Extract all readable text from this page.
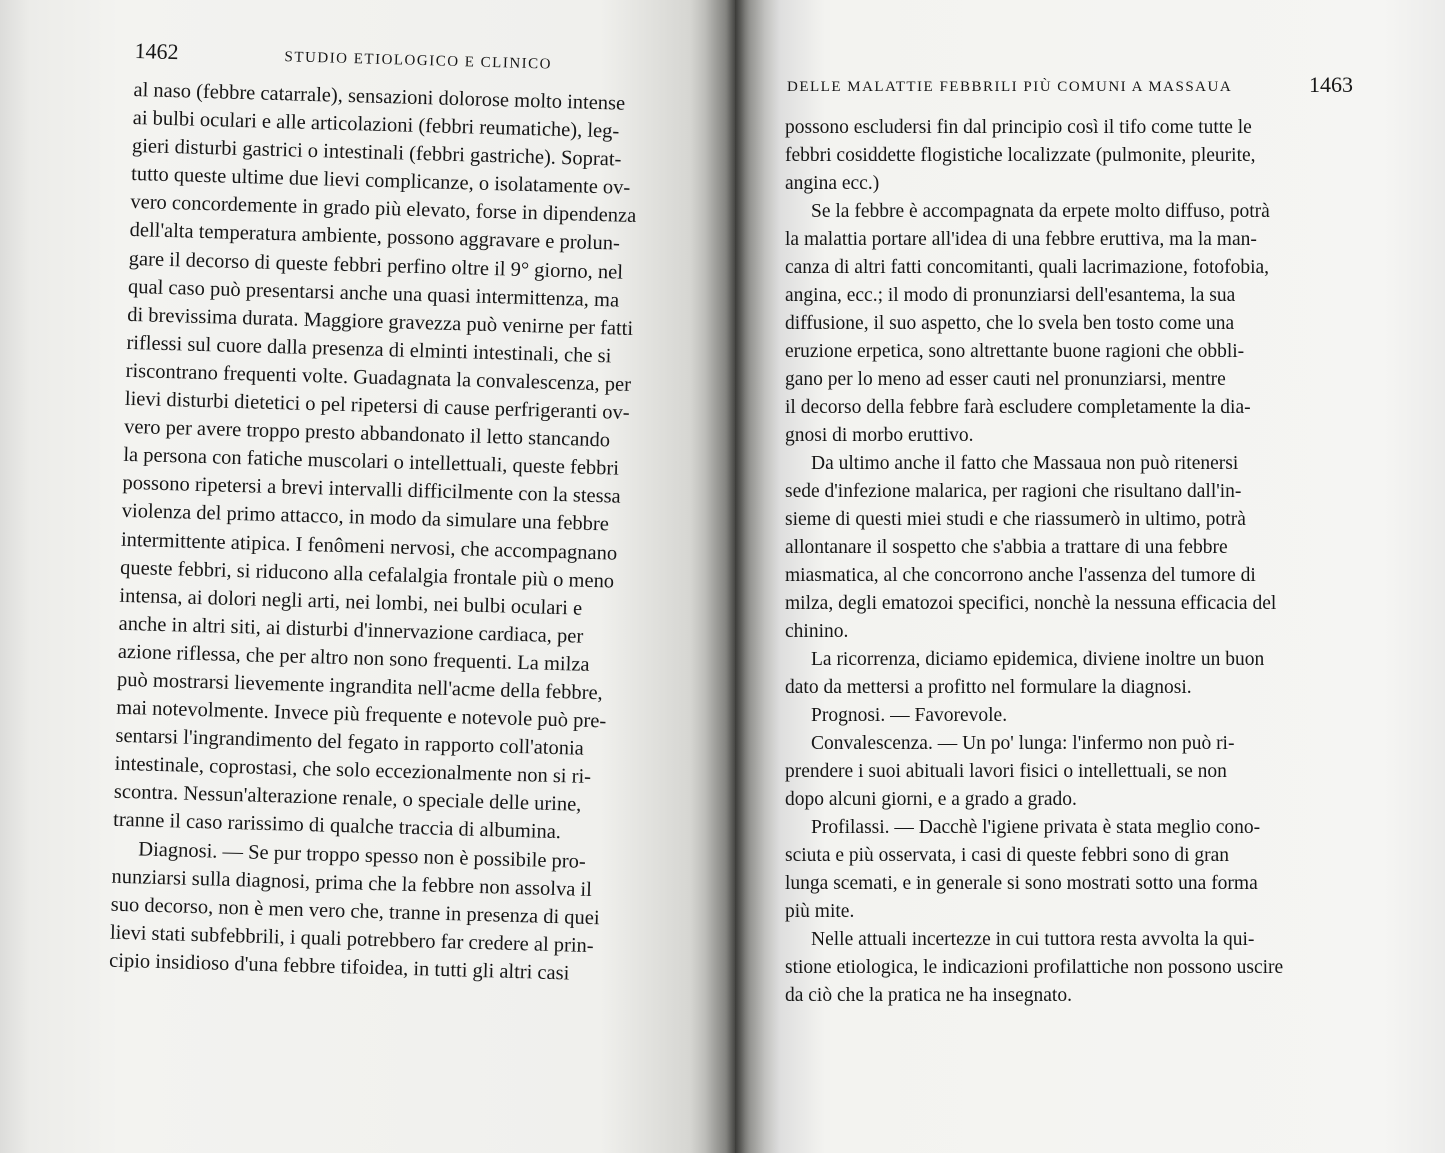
1462	STUDIO ETIOLOGICO E CLINICO
al naso (febbre catarrale), sensazioni dolorose molto intense
ai bulbi oculari e alle articolazioni (febbri reumatiche), leg-
gieri disturbi gastrici o intestinali (febbri gastriche). Soprat-
tutto queste ultime due lievi complicanze, o isolatamente ov-
vero concordemente in grado più elevato, forse in dipendenza
dell'alta temperatura ambiente, possono aggravare e prolun-
gare il decorso di queste febbri perfino oltre il 9° giorno, nel
qual caso può presentarsi anche una quasi intermittenza, ma
di brevissima durata. Maggiore gravezza può venirne per fatti
riflessi sul cuore dalla presenza di elminti intestinali, che si
riscontrano frequenti volte. Guadagnata la convalescenza, per
lievi disturbi dietetici o pel ripetersi di cause perfrigeranti ov-
vero per avere troppo presto abbandonato il letto stancando
la persona con fatiche muscolari o intellettuali, queste febbri
possono ripetersi a brevi intervalli difficilmente con la stessa
violenza del primo attacco, in modo da simulare una febbre
intermittente atipica. I fenômeni nervosi, che accompagnano
queste febbri, si riducono alla cefalalgia frontale più o meno
intensa, ai dolori negli arti, nei lombi, nei bulbi oculari e
anche in altri siti, ai disturbi d'innervazione cardiaca, per
azione riflessa, che per altro non sono frequenti. La milza
può mostrarsi lievemente ingrandita nell'acme della febbre,
mai notevolmente. Invece più frequente e notevole può pre-
sentarsi l'ingrandimento del fegato in rapporto coll'atonia
intestinale, coprostasi, che solo eccezionalmente non si ri-
scontra. Nessun'alterazione renale, o speciale delle urine,
tranne il caso rarissimo di qualche traccia di albumina.
Diagnosi. — Se pur troppo spesso non è possibile pro-
nunziarsi sulla diagnosi, prima che la febbre non assolva il
suo decorso, non è men vero che, tranne in presenza di quei
lievi stati subfebbrili, i quali potrebbero far credere al prin-
cipio insidioso d'una febbre tifoidea, in tutti gli altri casi
DELLE MALATTIE FEBBRILI PIÙ COMUNI A MASSAUA	1463
possono escludersi fin dal principio così il tifo come tutte le
febbri cosiddette flogistiche localizzate (pulmonite, pleurite,
angina ecc.)
Se la febbre è accompagnata da erpete molto diffuso, potrà
la malattia portare all'idea di una febbre eruttiva, ma la man-
canza di altri fatti concomitanti, quali lacrimazione, fotofobia,
angina, ecc.; il modo di pronunziarsi dell'esantema, la sua
diffusione, il suo aspetto, che lo svela ben tosto come una
eruzione erpetica, sono altrettante buone ragioni che obbli-
gano per lo meno ad esser cauti nel pronunziarsi, mentre
il decorso della febbre farà escludere completamente la dia-
gnosi di morbo eruttivo.
Da ultimo anche il fatto che Massaua non può ritenersi
sede d'infezione malarica, per ragioni che risultano dall'in-
sieme di questi miei studi e che riassumerò in ultimo, potrà
allontanare il sospetto che s'abbia a trattare di una febbre
miasmatica, al che concorrono anche l'assenza del tumore di
milza, degli ematozoi specifici, nonchè la nessuna efficacia del
chinino.
La ricorrenza, diciamo epidemica, diviene inoltre un buon
dato da mettersi a profitto nel formulare la diagnosi.
Prognosi. — Favorevole.
Convalescenza. — Un po' lunga: l'infermo non può ri-
prendere i suoi abituali lavori fisici o intellettuali, se non
dopo alcuni giorni, e a grado a grado.
Profilassi. — Dacchè l'igiene privata è stata meglio cono-
sciuta e più osservata, i casi di queste febbri sono di gran
lunga scemati, e in generale si sono mostrati sotto una forma
più mite.
Nelle attuali incertezze in cui tuttora resta avvolta la qui-
stione etiologica, le indicazioni profilattiche non possono uscire
da ciò che la pratica ne ha insegnato.
